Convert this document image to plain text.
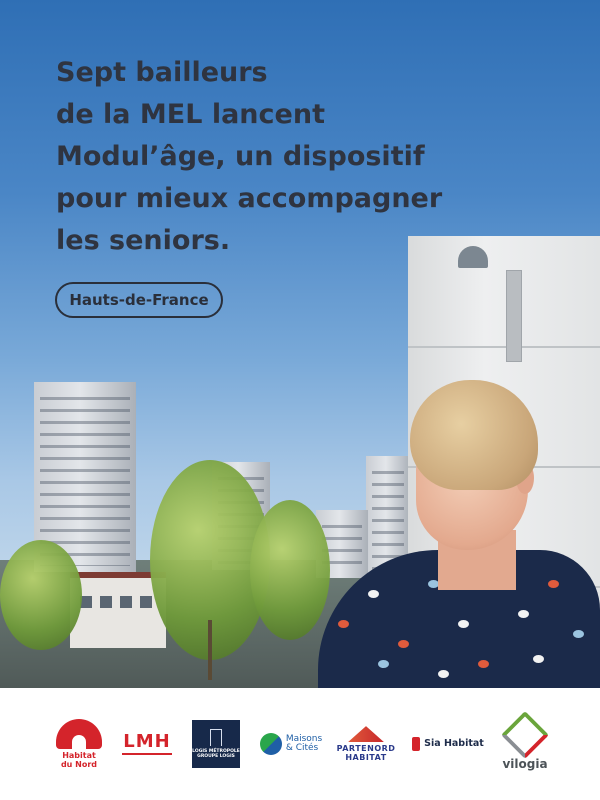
Sept bailleurs
de la MEL lancent
Modul’âge, un dispositif
pour mieux accompagner
les seniors.
Hauts-de-France
Habitat
du Nord
LMH	LOGIS MÉTROPOLE
GROUPE LOGIS
Maisons
& Cités	PARTENORD
HABITAT
Sia Habitat
vilogia
